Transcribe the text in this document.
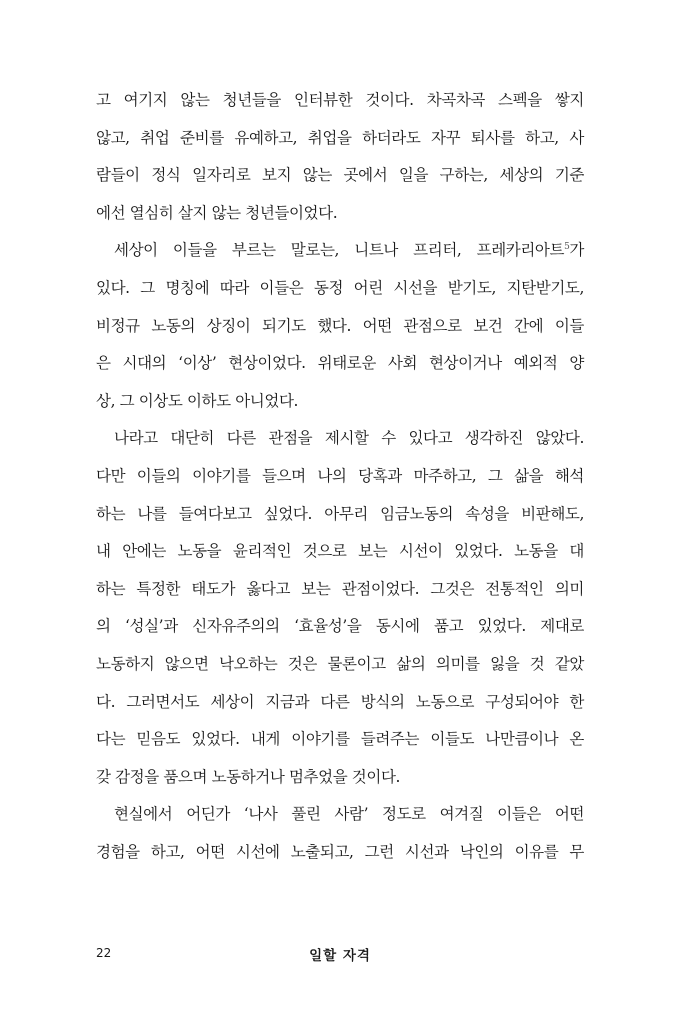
고 여기지 않는 청년들을 인터뷰한 것이다. 차곡차곡 스펙을 쌓지
않고, 취업 준비를 유예하고, 취업을 하더라도 자꾸 퇴사를 하고, 사
람들이 정식 일자리로 보지 않는 곳에서 일을 구하는, 세상의 기준
에선 열심히 살지 않는 청년들이었다.
세상이 이들을 부르는 말로는, 니트나 프리터, 프레카리아트$^5$가
있다. 그 명칭에 따라 이들은 동정 어린 시선을 받기도, 지탄받기도,
비정규 노동의 상징이 되기도 했다. 어떤 관점으로 보건 간에 이들
은 시대의 ‘이상’ 현상이었다. 위태로운 사회 현상이거나 예외적 양
상, 그 이상도 이하도 아니었다.
나라고 대단히 다른 관점을 제시할 수 있다고 생각하진 않았다.
다만 이들의 이야기를 들으며 나의 당혹과 마주하고, 그 삶을 해석
하는 나를 들여다보고 싶었다. 아무리 임금노동의 속성을 비판해도,
내 안에는 노동을 윤리적인 것으로 보는 시선이 있었다. 노동을 대
하는 특정한 태도가 옳다고 보는 관점이었다. 그것은 전통적인 의미
의 ‘성실’과 신자유주의의 ‘효율성’을 동시에 품고 있었다. 제대로
노동하지 않으면 낙오하는 것은 물론이고 삶의 의미를 잃을 것 같았
다. 그러면서도 세상이 지금과 다른 방식의 노동으로 구성되어야 한
다는 믿음도 있었다. 내게 이야기를 들려주는 이들도 나만큼이나 온
갖 감정을 품으며 노동하거나 멈추었을 것이다.
현실에서 어딘가 ‘나사 풀린 사람’ 정도로 여겨질 이들은 어떤
경험을 하고, 어떤 시선에 노출되고, 그런 시선과 낙인의 이유를 무
22	일할 자격
